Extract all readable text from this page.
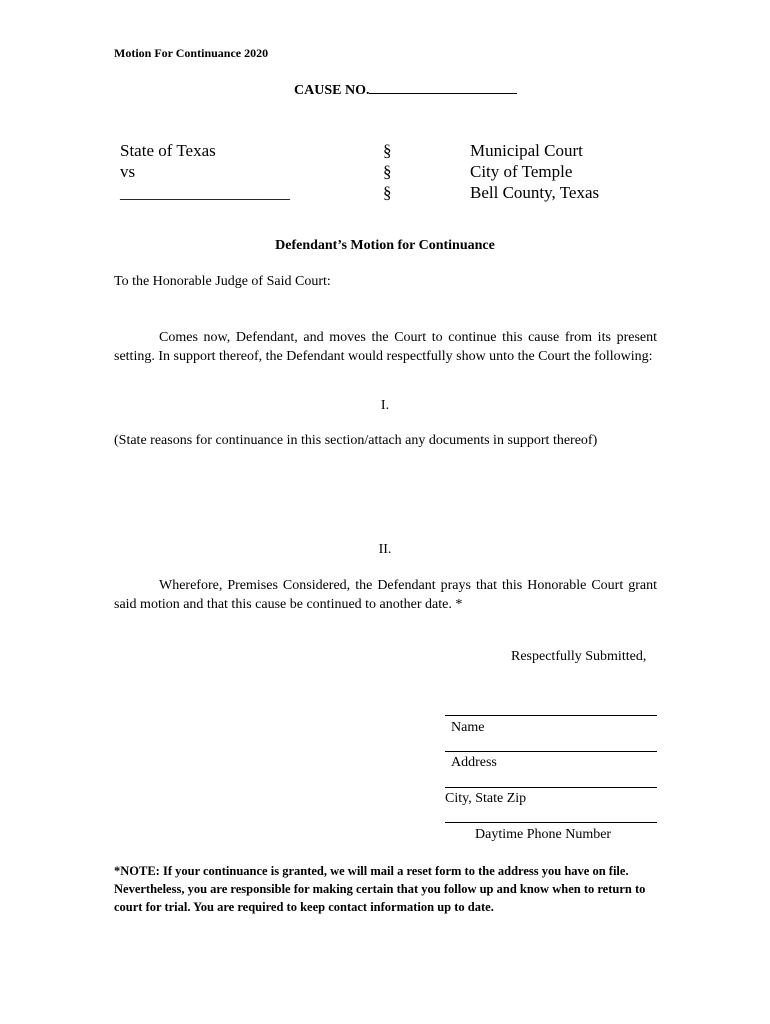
Motion For Continuance 2020
CAUSE NO.
State of Texas
vs
____________________
§
§
§
Municipal Court
City of Temple
Bell County, Texas
Defendant’s Motion for Continuance
To the Honorable Judge of Said Court:
Comes now, Defendant, and moves the Court to continue this cause from its present setting. In support thereof, the Defendant would respectfully show unto the Court the following:
I.
(State reasons for continuance in this section/attach any documents in support thereof)
II.
Wherefore, Premises Considered, the Defendant prays that this Honorable Court grant said motion and that this cause be continued to another date. *
Respectfully Submitted,
Name
Address
City, State Zip
Daytime Phone Number
*NOTE: If your continuance is granted, we will mail a reset form to the address you have on file. Nevertheless, you are responsible for making certain that you follow up and know when to return to court for trial. You are required to keep contact information up to date.
